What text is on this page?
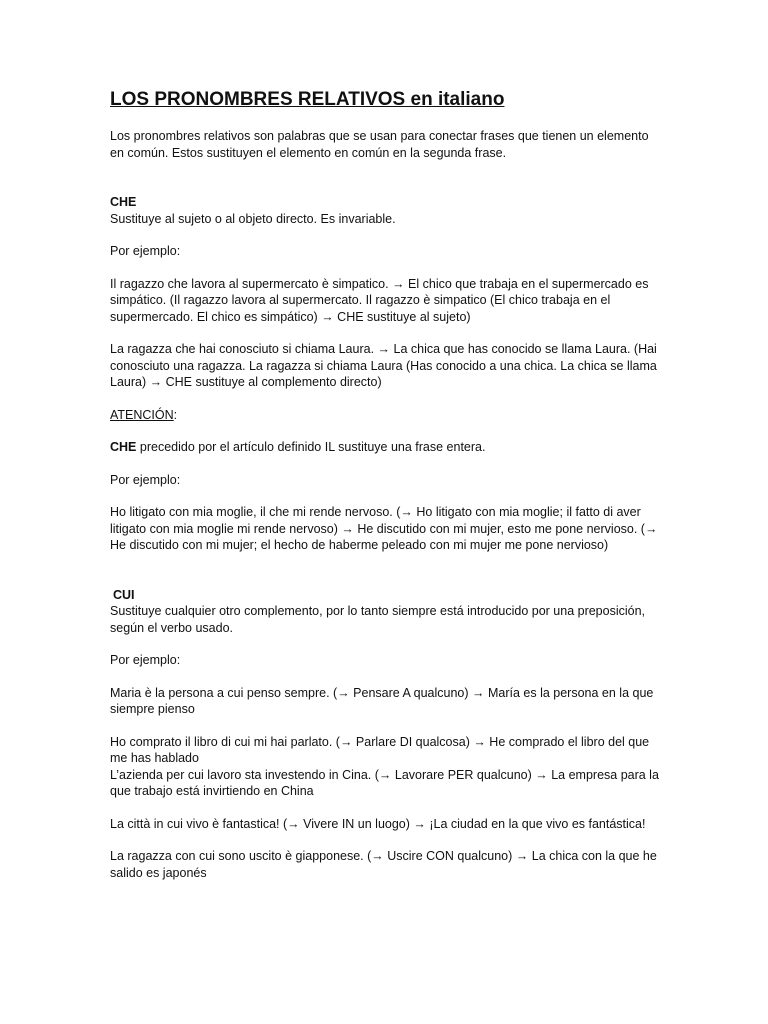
LOS PRONOMBRES RELATIVOS en italiano

Los pronombres relativos son palabras que se usan para conectar frases que tienen un elemento en común. Estos sustituyen el elemento en común en la segunda frase.

CHE

Sustituye al sujeto o al objeto directo. Es invariable.

Por ejemplo:

Il ragazzo che lavora al supermercato è simpatico. → El chico que trabaja en el supermercado es simpático. (Il ragazzo lavora al supermercato. Il ragazzo è simpatico (El chico trabaja en el supermercado. El chico es simpático) → CHE sustituye al sujeto)

La ragazza che hai conosciuto si chiama Laura. → La chica que has conocido se llama Laura. (Hai conosciuto una ragazza. La ragazza si chiama Laura (Has conocido a una chica. La chica se llama Laura) → CHE sustituye al complemento directo)

ATENCIÓN:

CHE precedido por el artículo definido IL sustituye una frase entera.

Por ejemplo:

Ho litigato con mia moglie, il che mi rende nervoso. (→ Ho litigato con mia moglie; il fatto di aver litigato con mia moglie mi rende nervoso) → He discutido con mi mujer, esto me pone nervioso. (→ He discutido con mi mujer; el hecho de haberme peleado con mi mujer me pone nervioso)

CUI

Sustituye cualquier otro complemento, por lo tanto siempre está introducido por una preposición, según el verbo usado.

Por ejemplo:

Maria è la persona a cui penso sempre. (→ Pensare A qualcuno) → María es la persona en la que siempre pienso

Ho comprato il libro di cui mi hai parlato. (→ Parlare DI qualcosa) → He comprado el libro del que me has hablado

L’azienda per cui lavoro sta investendo in Cina. (→ Lavorare PER qualcuno) → La empresa para la que trabajo está invirtiendo en China

La città in cui vivo è fantastica! (→ Vivere IN un luogo) → ¡La ciudad en la que vivo es fantástica!

La ragazza con cui sono uscito è giapponese. (→ Uscire CON qualcuno) → La chica con la que he salido es japonés
